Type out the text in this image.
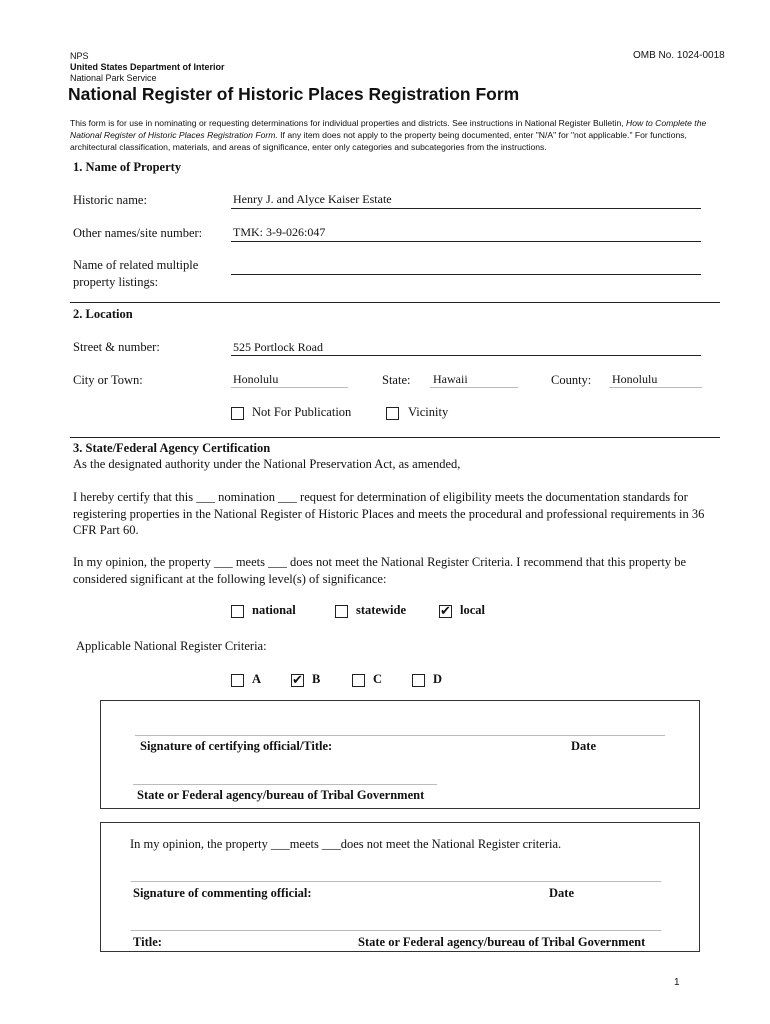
NPS
United States Department of Interior
National Park Service
OMB No. 1024-0018
National Register of Historic Places Registration Form
This form is for use in nominating or requesting determinations for individual properties and districts. See instructions in National Register Bulletin, How to Complete the National Register of Historic Places Registration Form. If any item does not apply to the property being documented, enter "N/A" for "not applicable." For functions, architectural classification, materials, and areas of significance, enter only categories and subcategories from the instructions.
1. Name of Property
Historic name:	Henry J. and Alyce Kaiser Estate
Other names/site number:	TMK: 3-9-026:047
Name of related multiple
property listings:
2. Location
Street & number:	525 Portlock Road
City or Town:	Honolulu	State: Hawaii	County: Honolulu
Not For Publication	Vicinity
3. State/Federal Agency Certification
As the designated authority under the National Preservation Act, as amended,
I hereby certify that this ___ nomination ___ request for determination of eligibility meets the documentation standards for registering properties in the National Register of Historic Places and meets the procedural and professional requirements in 36 CFR Part 60.
In my opinion, the property ___ meets ___ does not meet the National Register Criteria. I recommend that this property be considered significant at the following level(s) of significance:
national	statewide	✔ local
Applicable National Register Criteria:
A ✔ B	C	D
Signature of certifying official/Title:	Date
State or Federal agency/bureau of Tribal Government
In my opinion, the property ___meets ___does not meet the National Register criteria.
Signature of commenting official:	Date
Title:	State or Federal agency/bureau of Tribal Government
1
